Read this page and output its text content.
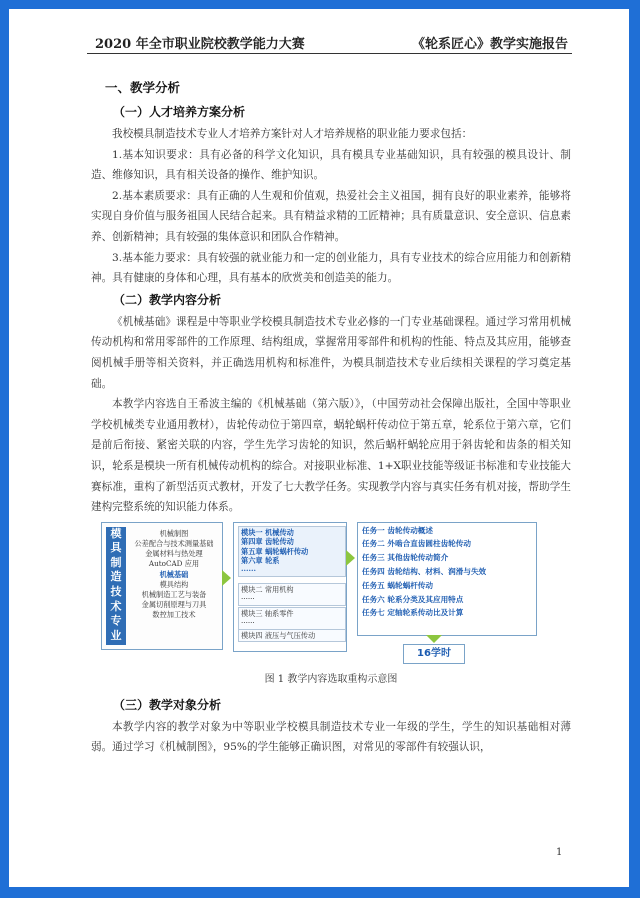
2020 年全市职业院校教学能力大赛	《轮系匠心》教学实施报告
一、教学分析
（一）人才培养方案分析

我校模具制造技术专业人才培养方案针对人才培养规格的职业能力要求包括：

1.基本知识要求：具有必备的科学文化知识，具有模具专业基础知识，具有较强的模具设计、制造、维修知识，具有相关设备的操作、维护知识。

2.基本素质要求：具有正确的人生观和价值观，热爱社会主义祖国，拥有良好的职业素养，能够将实现自身价值与服务祖国人民结合起来。具有精益求精的工匠精神；具有质量意识、安全意识、信息素养、创新精神；具有较强的集体意识和团队合作精神。

3.基本能力要求：具有较强的就业能力和一定的创业能力，具有专业技术的综合应用能力和创新精神。具有健康的身体和心理，具有基本的欣赏美和创造美的能力。

（二）教学内容分析

《机械基础》课程是中等职业学校模具制造技术专业必修的一门专业基础课程。通过学习常用机械传动机构和常用零部件的工作原理、结构组成，掌握常用零部件和机构的性能、特点及其应用，能够查阅机械手册等相关资料，并正确选用机构和标准件，为模具制造技术专业后续相关课程的学习奠定基础。

本教学内容选自王希波主编的《机械基础（第六版）》，（中国劳动社会保障出版社，全国中等职业学校机械类专业通用教材），齿轮传动位于第四章，蜗轮蜗杆传动位于第五章，轮系位于第六章，它们是前后衔接、紧密关联的内容，学生先学习齿轮的知识，然后蜗杆蜗轮应用于斜齿轮和齿条的相关知识，轮系是模块一所有机械传动机构的综合。对接职业标准、1+X职业技能等级证书标准和专业技能大赛标准，重构了新型活页式教材，开发了七大教学任务。实现教学内容与真实任务有机对接，帮助学生建构完整系统的知识能力体系。

模具制造技术专业
机械制图
公差配合与技术测量基础
金属材料与热处理
AutoCAD 应用
机械基础
模具结构
机械制造工艺与装备
金属切削原理与刀具
数控加工技术
模块一 机械传动
第四章 齿轮传动
第五章 蜗轮蜗杆传动
第六章 轮系
······
模块二 常用机构
······
模块三 轴系零件
······
模块四 液压与气压传动
任务一 齿轮传动概述
任务二 外啮合直齿圆柱齿轮传动
任务三 其他齿轮传动简介
任务四 齿轮结构、材料、润滑与失效
任务五 蜗轮蜗杆传动
任务六 轮系分类及其应用特点
任务七 定轴轮系传动比及计算
16学时
图 1 教学内容选取重构示意图
（三）教学对象分析

本教学内容的教学对象为中等职业学校模具制造技术专业一年级的学生，学生的知识基础相对薄弱。通过学习《机械制图》，95%的学生能够正确识图，对常见的零部件有较强认识，

1
